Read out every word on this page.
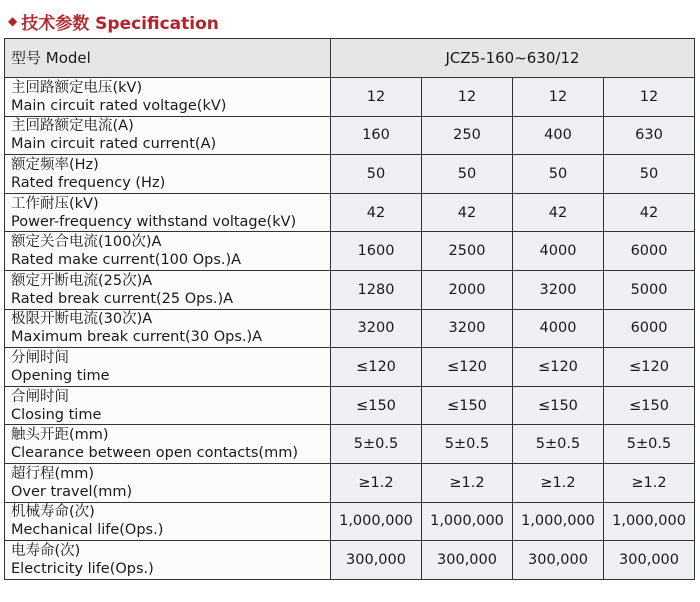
◆ 技术参数 Specification
型号 Model	JCZ5-160~630/12			

主回路额定电压(kV)
Main circuit rated voltage(kV)	12	12	12	12

主回路额定电流(A)
Main circuit rated current(A)	160	250	400	630

额定频率(Hz)
Rated frequency (Hz)	50	50	50	50

工作耐压(kV)
Power-frequency withstand voltage(kV)	42	42	42	42

额定关合电流(100次)A
Rated make current(100 Ops.)A	1600	2500	4000	6000

额定开断电流(25次)A
Rated break current(25 Ops.)A	1280	2000	3200	5000

极限开断电流(30次)A
Maximum break current(30 Ops.)A	3200	3200	4000	6000

分闸时间
Opening time	≤120	≤120	≤120	≤120

合闸时间
Closing time	≤150	≤150	≤150	≤150

触头开距(mm)
Clearance between open contacts(mm)	5±0.5	5±0.5	5±0.5	5±0.5

超行程(mm)
Over travel(mm)	≥1.2	≥1.2	≥1.2	≥1.2

机械寿命(次)
Mechanical life(Ops.)	1,000,000	1,000,000	1,000,000	1,000,000

电寿命(次)
Electricity life(Ops.)	300,000	300,000	300,000	300,000
